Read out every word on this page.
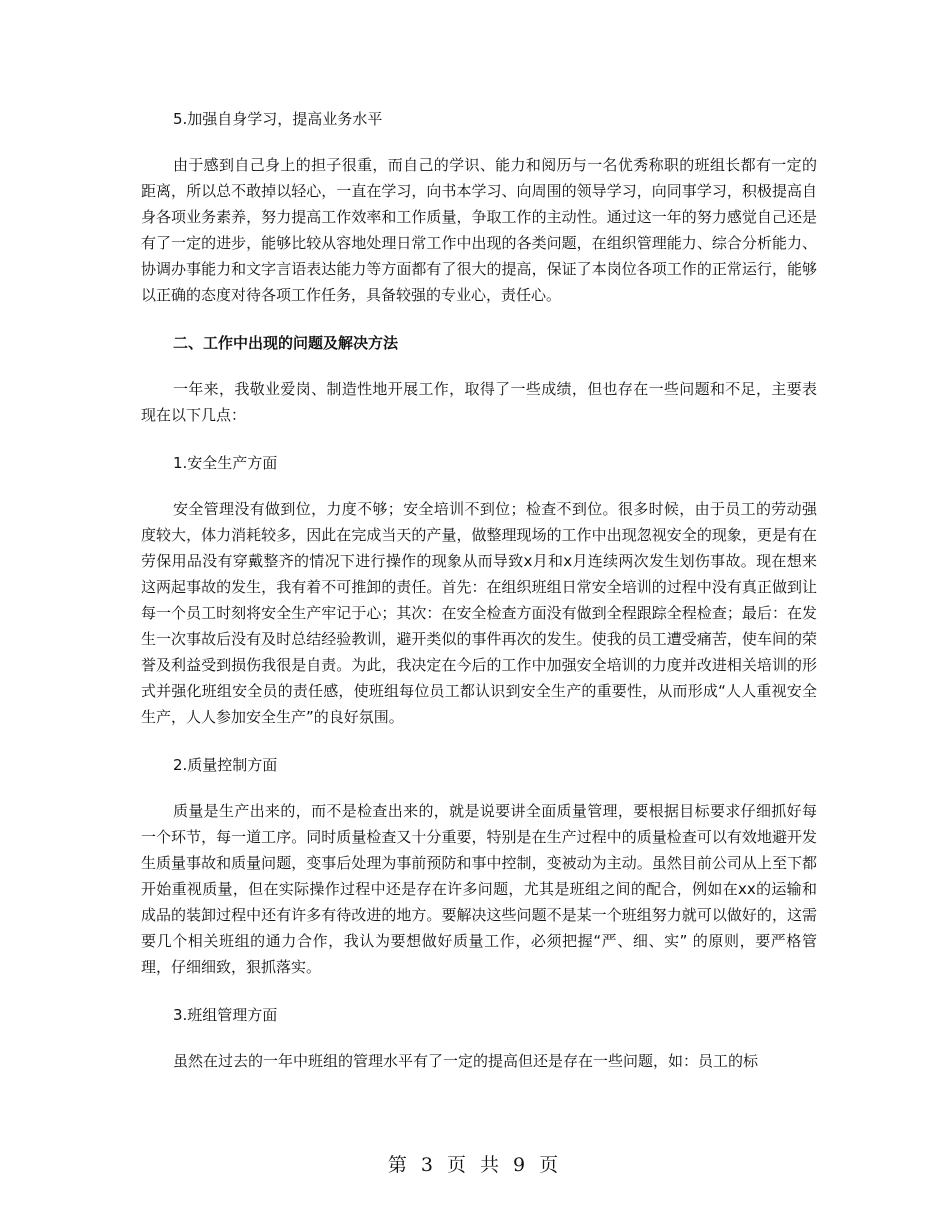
5.加强自身学习，提高业务水平

由于感到自己身上的担子很重，而自己的学识、能力和阅历与一名优秀称职的班组长都有一定的距离，所以总不敢掉以轻心，一直在学习，向书本学习、向周围的领导学习，向同事学习，积极提高自身各项业务素养，努力提高工作效率和工作质量，争取工作的主动性。通过这一年的努力感觉自己还是有了一定的进步，能够比较从容地处理日常工作中出现的各类问题，在组织管理能力、综合分析能力、协调办事能力和文字言语表达能力等方面都有了很大的提高，保证了本岗位各项工作的正常运行，能够以正确的态度对待各项工作任务，具备较强的专业心，责任心。

二、工作中出现的问题及解决方法

一年来，我敬业爱岗、制造性地开展工作，取得了一些成绩，但也存在一些问题和不足，主要表现在以下几点：

1.安全生产方面

安全管理没有做到位，力度不够；安全培训不到位；检查不到位。很多时候，由于员工的劳动强度较大，体力消耗较多，因此在完成当天的产量，做整理现场的工作中出现忽视安全的现象，更是有在劳保用品没有穿戴整齐的情况下进行操作的现象从而导致x月和x月连续两次发生划伤事故。现在想来这两起事故的发生，我有着不可推卸的责任。首先：在组织班组日常安全培训的过程中没有真正做到让每一个员工时刻将安全生产牢记于心；其次：在安全检查方面没有做到全程跟踪全程检查；最后：在发生一次事故后没有及时总结经验教训，避开类似的事件再次的发生。使我的员工遭受痛苦，使车间的荣誉及利益受到损伤我很是自责。为此，我决定在今后的工作中加强安全培训的力度并改进相关培训的形式并强化班组安全员的责任感，使班组每位员工都认识到安全生产的重要性，从而形成“人人重视安全生产，人人参加安全生产”的良好氛围。

2.质量控制方面

质量是生产出来的，而不是检查出来的，就是说要讲全面质量管理，要根据目标要求仔细抓好每一个环节，每一道工序。同时质量检查又十分重要，特别是在生产过程中的质量检查可以有效地避开发生质量事故和质量问题，变事后处理为事前预防和事中控制，变被动为主动。虽然目前公司从上至下都开始重视质量，但在实际操作过程中还是存在许多问题，尤其是班组之间的配合，例如在xx的运输和成品的装卸过程中还有许多有待改进的地方。要解决这些问题不是某一个班组努力就可以做好的，这需要几个相关班组的通力合作，我认为要想做好质量工作，必须把握“严、细、实” 的原则，要严格管理，仔细细致，狠抓落实。

3.班组管理方面

虽然在过去的一年中班组的管理水平有了一定的提高但还是存在一些问题，如：员工的标

第 3 页 共 9 页
